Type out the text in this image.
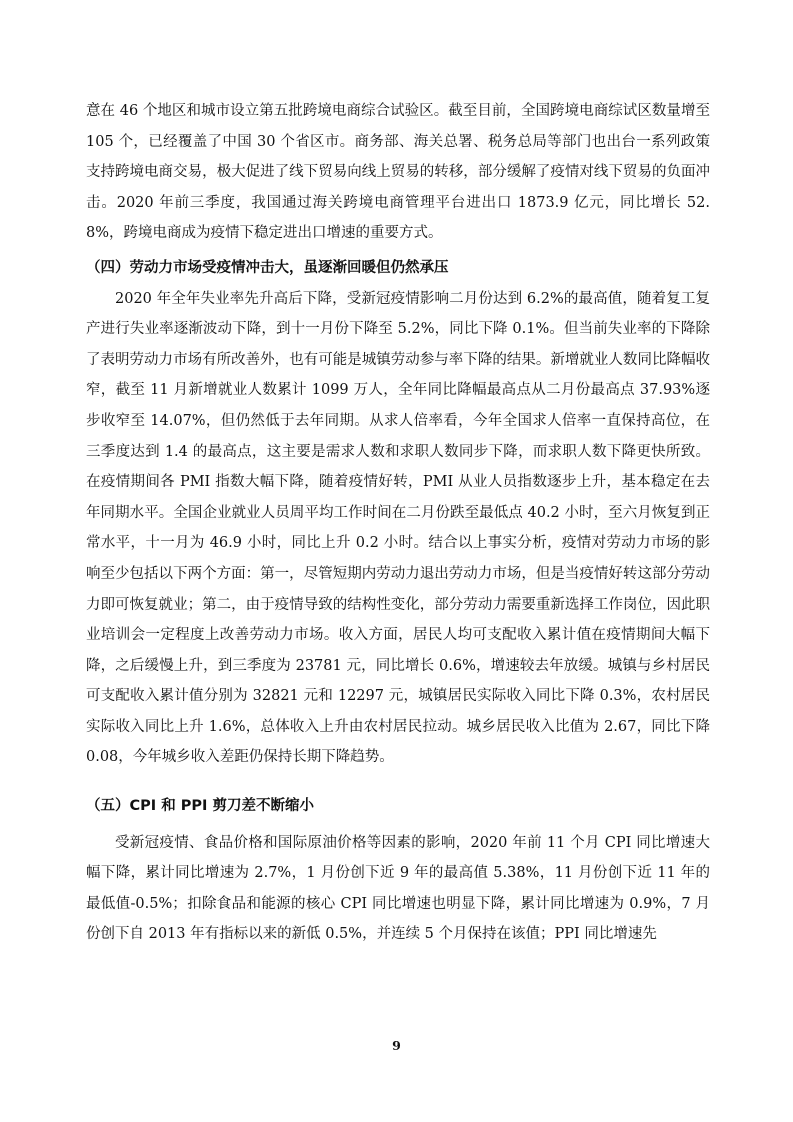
意在 46 个地区和城市设立第五批跨境电商综合试验区。截至目前，全国跨境电商综试区数量增至 105 个，已经覆盖了中国 30 个省区市。商务部、海关总署、税务总局等部门也出台一系列政策支持跨境电商交易，极大促进了线下贸易向线上贸易的转移，部分缓解了疫情对线下贸易的负面冲击。2020 年前三季度，我国通过海关跨境电商管理平台进出口 1873.9 亿元，同比增长 52.8%，跨境电商成为疫情下稳定进出口增速的重要方式。

（四）劳动力市场受疫情冲击大，虽逐渐回暖但仍然承压

2020 年全年失业率先升高后下降，受新冠疫情影响二月份达到 6.2%的最高值，随着复工复产进行失业率逐渐波动下降，到十一月份下降至 5.2%，同比下降 0.1%。但当前失业率的下降除了表明劳动力市场有所改善外，也有可能是城镇劳动参与率下降的结果。新增就业人数同比降幅收窄，截至 11 月新增就业人数累计 1099 万人，全年同比降幅最高点从二月份最高点 37.93%逐步收窄至 14.07%，但仍然低于去年同期。从求人倍率看，今年全国求人倍率一直保持高位，在三季度达到 1.4 的最高点，这主要是需求人数和求职人数同步下降，而求职人数下降更快所致。在疫情期间各 PMI 指数大幅下降，随着疫情好转，PMI 从业人员指数逐步上升，基本稳定在去年同期水平。全国企业就业人员周平均工作时间在二月份跌至最低点 40.2 小时，至六月恢复到正常水平，十一月为 46.9 小时，同比上升 0.2 小时。结合以上事实分析，疫情对劳动力市场的影响至少包括以下两个方面：第一，尽管短期内劳动力退出劳动力市场，但是当疫情好转这部分劳动力即可恢复就业；第二，由于疫情导致的结构性变化，部分劳动力需要重新选择工作岗位，因此职业培训会一定程度上改善劳动力市场。收入方面，居民人均可支配收入累计值在疫情期间大幅下降，之后缓慢上升，到三季度为 23781 元，同比增长 0.6%，增速较去年放缓。城镇与乡村居民可支配收入累计值分别为 32821 元和 12297 元，城镇居民实际收入同比下降 0.3%，农村居民实际收入同比上升 1.6%，总体收入上升由农村居民拉动。城乡居民收入比值为 2.67，同比下降 0.08，今年城乡收入差距仍保持长期下降趋势。

（五）CPI 和 PPI 剪刀差不断缩小

受新冠疫情、食品价格和国际原油价格等因素的影响，2020 年前 11 个月 CPI 同比增速大幅下降，累计同比增速为 2.7%，1 月份创下近 9 年的最高值 5.38%，11 月份创下近 11 年的最低值-0.5%；扣除食品和能源的核心 CPI 同比增速也明显下降，累计同比增速为 0.9%，7 月份创下自 2013 年有指标以来的新低 0.5%，并连续 5 个月保持在该值；PPI 同比增速先

9
